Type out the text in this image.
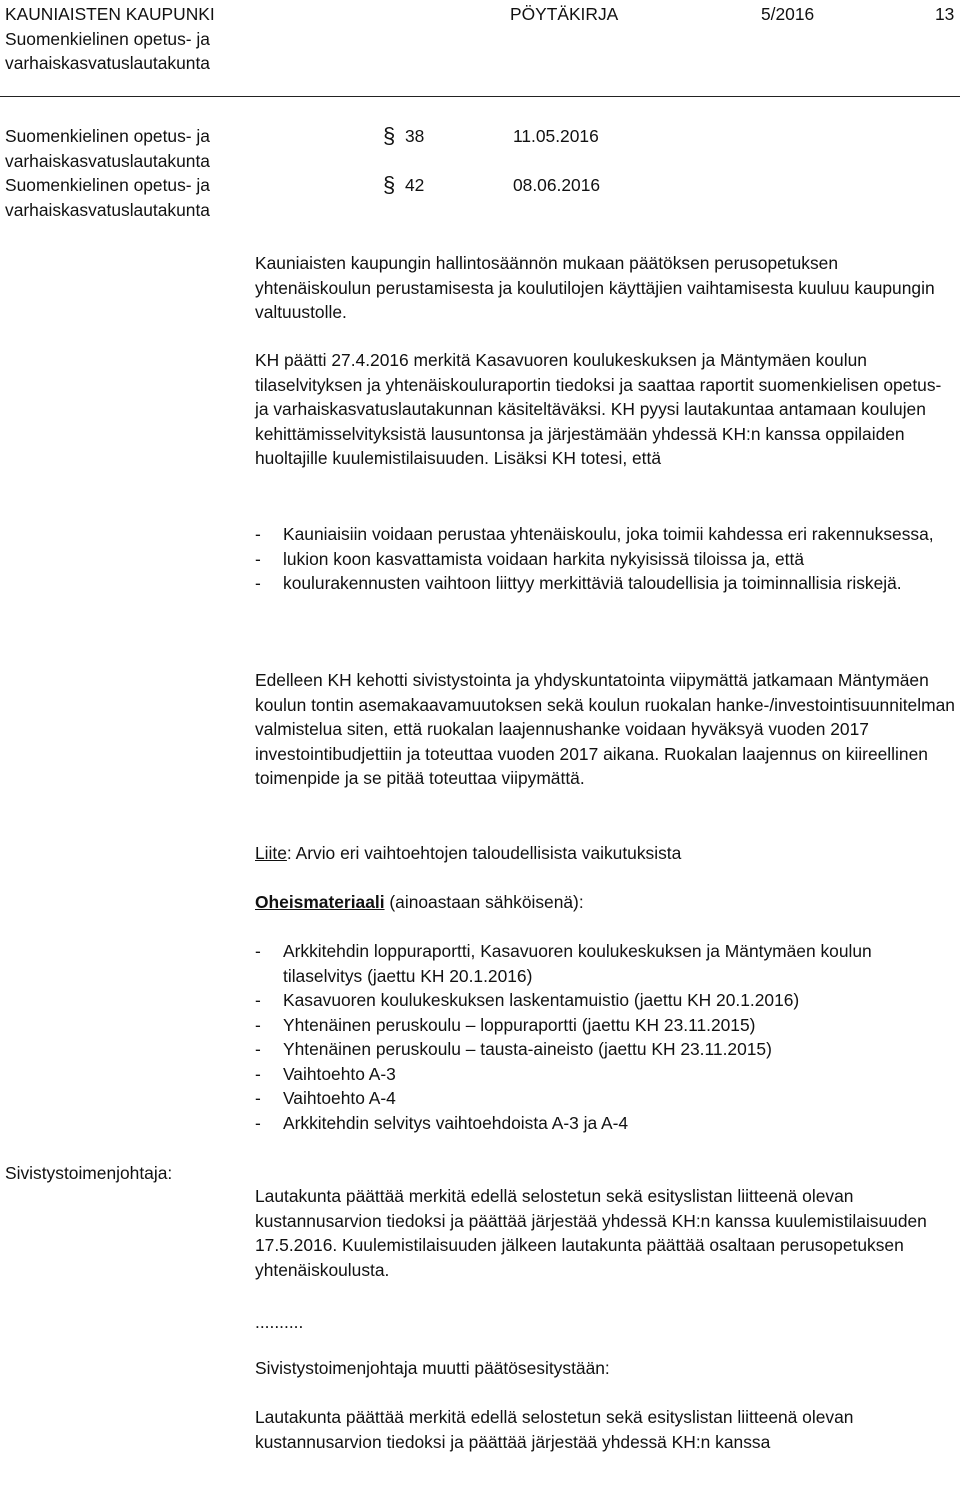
KAUNIAISTEN KAUPUNKI
Suomenkielinen opetus- ja
varhaiskasvatuslautakunta
PÖYTÄKIRJA	5/2016	13
Suomenkielinen opetus- ja varhaiskasvatuslautakunta
§ 38	11.05.2016
Suomenkielinen opetus- ja varhaiskasvatuslautakunta
§ 42	08.06.2016

Kauniaisten kaupungin hallintosäännön mukaan päätöksen perusopetuksen yhtenäiskoulun perustamisesta ja koulutilojen käyttäjien vaihtamisesta kuuluu kaupungin valtuustolle.

KH päätti 27.4.2016 merkitä Kasavuoren koulukeskuksen ja Mäntymäen koulun tilaselvityksen ja yhtenäiskouluraportin tiedoksi ja saattaa raportit suomenkielisen opetus- ja varhaiskasvatuslautakunnan käsiteltäväksi. KH pyysi lautakuntaa antamaan koulujen kehittämisselvityksistä lausuntonsa ja järjestämään yhdessä KH:n kanssa oppilaiden huoltajille kuulemistilaisuuden. Lisäksi KH totesi, että

- Kauniaisiin voidaan perustaa yhtenäiskoulu, joka toimii kahdessa eri rakennuksessa,
- lukion koon kasvattamista voidaan harkita nykyisissä tiloissa ja, että
- koulurakennusten vaihtoon liittyy merkittäviä taloudellisia ja toiminnallisia riskejä.

Edelleen KH kehotti sivistystointa ja yhdyskuntatointa viipymättä jatkamaan Mäntymäen koulun tontin asemakaavamuutoksen sekä koulun ruokalan hanke-/investointisuunnitelman valmistelua siten, että ruokalan laajennushanke voidaan hyväksyä vuoden 2017 investointibudjettiin ja toteuttaa vuoden 2017 aikana. Ruokalan laajennus on kiireellinen toimenpide ja se pitää toteuttaa viipymättä.

Liite: Arvio eri vaihtoehtojen taloudellisista vaikutuksista

Oheismateriaali (ainoastaan sähköisenä):

- Arkkitehdin loppuraportti, Kasavuoren koulukeskuksen ja Mäntymäen koulun tilaselvitys (jaettu KH 20.1.2016)
- Kasavuoren koulukeskuksen laskentamuistio (jaettu KH 20.1.2016)
- Yhtenäinen peruskoulu – loppuraportti (jaettu KH 23.11.2015)
- Yhtenäinen peruskoulu – tausta-aineisto (jaettu KH 23.11.2015)
- Vaihtoehto A-3
- Vaihtoehto A-4
- Arkkitehdin selvitys vaihtoehdoista A-3 ja A-4
Sivistystoimenjohtaja:

Lautakunta päättää merkitä edellä selostetun sekä esityslistan liitteenä olevan kustannusarvion tiedoksi ja päättää järjestää yhdessä KH:n kanssa kuulemistilaisuuden 17.5.2016. Kuulemistilaisuuden jälkeen lautakunta päättää osaltaan perusopetuksen yhtenäiskoulusta.

..........

Sivistystoimenjohtaja muutti päätösesitystään:

Lautakunta päättää merkitä edellä selostetun sekä esityslistan liitteenä olevan kustannusarvion tiedoksi ja päättää järjestää yhdessä KH:n kanssa
